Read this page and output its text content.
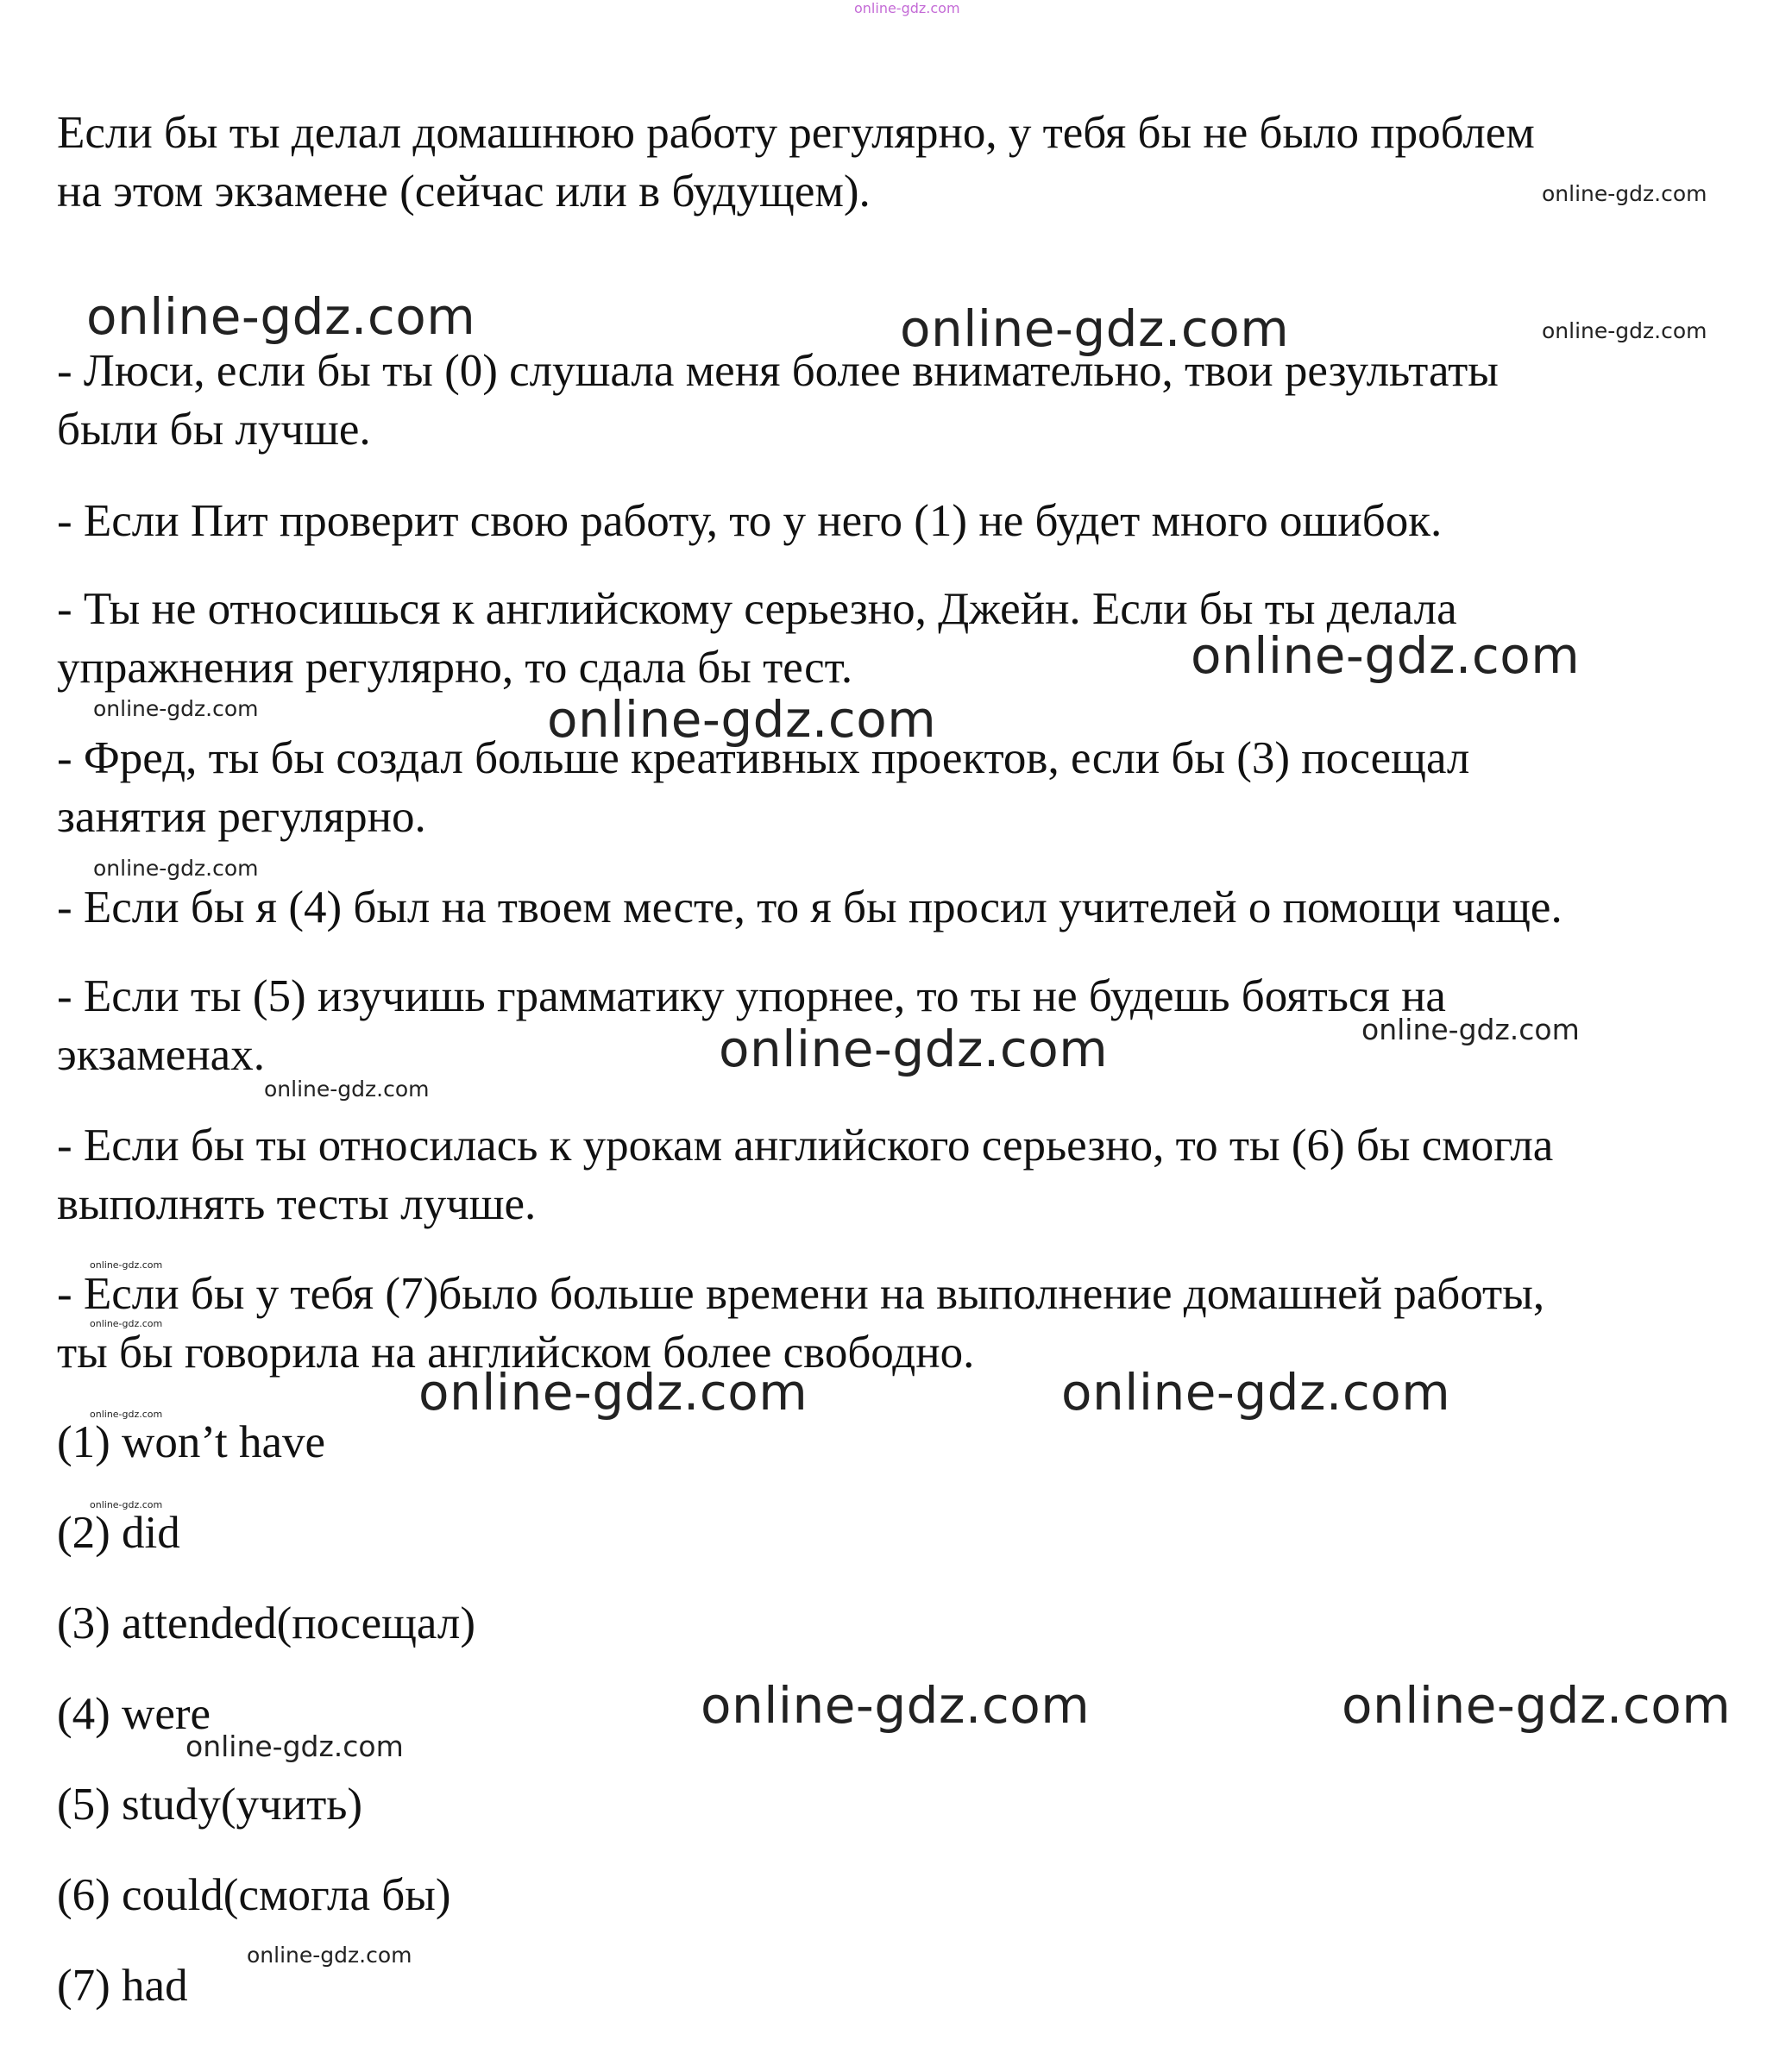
online-gdz.com

Если бы ты делал домашнюю работу регулярно, у тебя бы не было проблем

на этом экзамене (сейчас или в будущем).

- Люси, если бы ты (0) слушала меня более внимательно, твои результаты

были бы лучше.

- Если Пит проверит свою работу, то у него (1) не будет много ошибок.

- Ты не относишься к английскому серьезно, Джейн. Если бы ты делала

упражнения регулярно, то сдала бы тест.

- Фред, ты бы создал больше креативных проектов, если бы (3) посещал

занятия регулярно.

- Если бы я (4) был на твоем месте, то я бы просил учителей о помощи чаще.

- Если ты (5) изучишь грамматику упорнее, то ты не будешь бояться на

экзаменах.

- Если бы ты относилась к урокам английского серьезно, то ты (6) бы смогла

выполнять тесты лучше.

- Если бы у тебя (7)было больше времени на выполнение домашней работы,

ты бы говорила на английском более свободно.

(1) won’t have

(2) did

(3) attended(посещал)

(4) were

(5) study(учить)

(6) could(смогла бы)

(7) had

online-gdz.com

online-gdz.com	online-gdz.com	online-gdz.com

online-gdz.com

online-gdz.com	online-gdz.com

online-gdz.com

online-gdz.com

online-gdz.com

online-gdz.com

online-gdz.com

online-gdz.com

online-gdz.com	online-gdz.com

online-gdz.com

online-gdz.com

online-gdz.com	online-gdz.com

online-gdz.com

online-gdz.com
